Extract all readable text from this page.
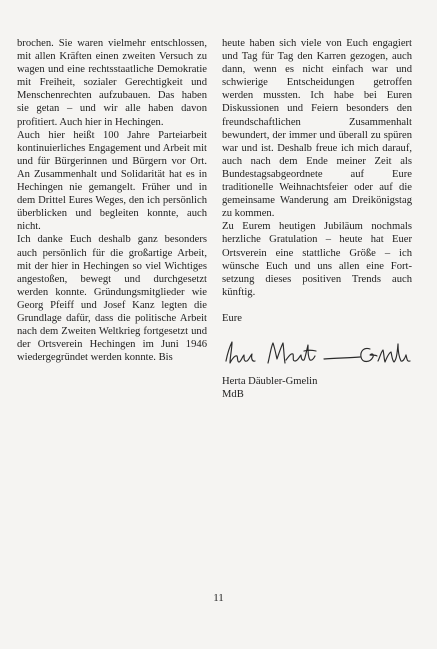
brochen. Sie waren vielmehr entschlossen, mit allen Kräften einen zweiten Versuch zu wagen und eine rechtsstaatliche Demokratie mit Freiheit, sozialer Gerechtigkeit und Menschenrechten aufzubauen. Das haben sie getan – und wir alle haben davon profitiert. Auch hier in Hechingen.

Auch hier heißt 100 Jahre Parteiarbeit kontinuierliches Engagement und Arbeit mit und für Bürgerinnen und Bürgern vor Ort. An Zusammenhalt und Solidarität hat es in Hechingen nie gemangelt. Früher und in dem Drittel Eures Weges, den ich persönlich überblicken und begleiten konnte, auch nicht.

Ich danke Euch deshalb ganz besonders auch persönlich für die großartige Arbeit, mit der hier in Hechingen so viel Wichtiges angestoßen, bewegt und durchgesetzt werden konnte. Gründungsmitglieder wie Georg Pfeiff und Josef Kanz legten die Grundlage dafür, dass die politische Arbeit nach dem Zweiten Weltkrieg fortgesetzt und der Ortsverein Hechingen im Juni 1946 wiedergegründet werden konnte. Bis

heute haben sich viele von Euch engagiert und Tag für Tag den Karren gezogen, auch dann, wenn es nicht einfach war und schwierige Entscheidungen getroffen werden mussten. Ich habe bei Euren Diskussionen und Feiern besonders den freundschaftlichen Zusammenhalt bewundert, der immer und überall zu spüren war und ist. Deshalb freue ich mich darauf, auch nach dem Ende meiner Zeit als Bundestagsabgeordnete auf Eure traditionelle Weihnachtsfeier oder auf die gemeinsame Wanderung am Dreikönigstag zu kommen.

Zu Eurem heutigen Jubiläum nochmals herzliche Gratulation – heute hat Euer Ortsverein eine stattliche Größe – ich wünsche Euch und uns allen eine Fortsetzung dieses positiven Trends auch künftig.

Eure

Herta Däubler-Gmelin

MdB

11
